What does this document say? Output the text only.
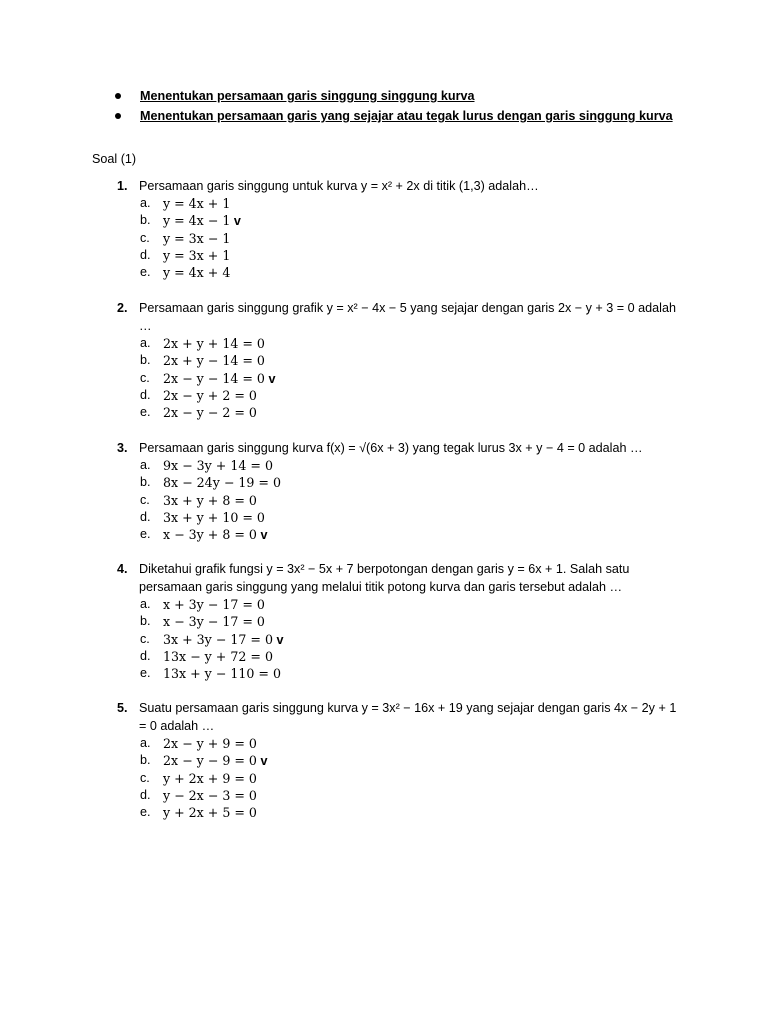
Menentukan persamaan garis singgung singgung kurva
Menentukan persamaan garis yang sejajar atau tegak lurus dengan garis singgung kurva
Soal (1)
1. Persamaan garis singgung untuk kurva y = x² + 2x di titik (1,3) adalah…
a. y = 4x + 1
b. y = 4x − 1 v
c. y = 3x − 1
d. y = 3x + 1
e. y = 4x + 4
2. Persamaan garis singgung grafik y = x² − 4x − 5 yang sejajar dengan garis 2x − y + 3 = 0 adalah …
a. 2x + y + 14 = 0
b. 2x + y − 14 = 0
c. 2x − y − 14 = 0 v
d. 2x − y + 2 = 0
e. 2x − y − 2 = 0
3. Persamaan garis singgung kurva f(x) = √(6x + 3) yang tegak lurus 3x + y − 4 = 0 adalah …
a. 9x − 3y + 14 = 0
b. 8x − 24y − 19 = 0
c. 3x + y + 8 = 0
d. 3x + y + 10 = 0
e. x − 3y + 8 = 0 v
4. Diketahui grafik fungsi y = 3x² − 5x + 7 berpotongan dengan garis y = 6x + 1. Salah satu persamaan garis singgung yang melalui titik potong kurva dan garis tersebut adalah …
a. x + 3y − 17 = 0
b. x − 3y − 17 = 0
c. 3x + 3y − 17 = 0 v
d. 13x − y + 72 = 0
e. 13x + y − 110 = 0
5. Suatu persamaan garis singgung kurva y = 3x² − 16x + 19 yang sejajar dengan garis 4x − 2y + 1 = 0 adalah …
a. 2x − y + 9 = 0
b. 2x − y − 9 = 0 v
c. y + 2x + 9 = 0
d. y − 2x − 3 = 0
e. y + 2x + 5 = 0
